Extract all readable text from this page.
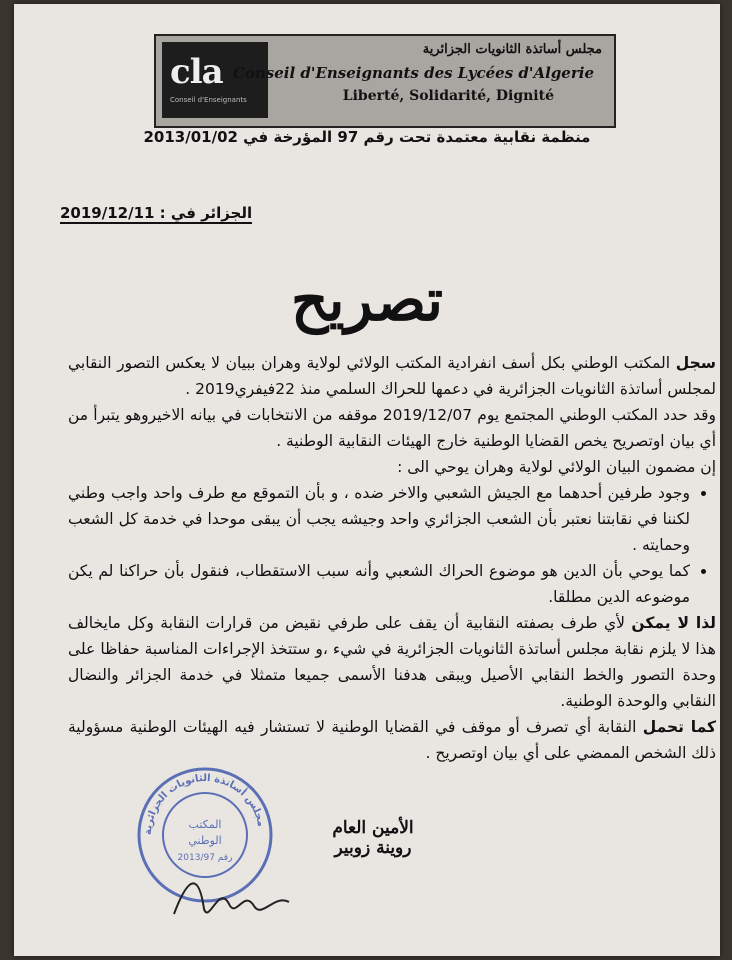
cla
Conseil d'Enseignants
مجلس أساتذة الثانويات الجزائرية
Conseil d'Enseignants des Lycées d'Algerie
Liberté, Solidarité, Dignité
منظمة نقابية معتمدة تحت رقم 97 المؤرخة في 2013/01/02
الجزائر في : 2019/12/11
تصريح

سجل المكتب الوطني بكل أسف انفرادية المكتب الولائي لولاية وهران ببيان لا يعكس التصور النقابي لمجلس أساتذة الثانويات الجزائرية في دعمها للحراك السلمي منذ 22فيفري2019 .

وقد حدد المكتب الوطني المجتمع يوم 2019/12/07 موقفه من الانتخابات في بيانه الاخيروهو يتبرأ من أي بيان اوتصريح يخص القضايا الوطنية خارج الهيئات النقابية الوطنية .

إن مضمون البيان الولائي لولاية وهران يوحي الى :

• وجود طرفين أحدهما مع الجيش الشعبي والاخر ضده ، و بأن التموقع مع طرف واحد واجب وطني لكننا في نقابتنا نعتبر بأن الشعب الجزائري واحد وجيشه يجب أن يبقى موحدا في خدمة كل الشعب وحمايته .
• كما يوحي بأن الدين هو موضوع الحراك الشعبي وأنه سبب الاستقطاب، فنقول بأن حراكنا لم يكن موضوعه الدين مطلقا.

لذا لا يمكن لأي طرف بصفته النقابية أن يقف على طرفي نقيض من قرارات النقابة وكل مايخالف هذا لا يلزم نقابة مجلس أساتذة الثانويات الجزائرية في شيء ،و ستتخذ الإجراءات المناسبة حفاظا على وحدة التصور والخط النقابي الأصيل ويبقى هدفنا الأسمى جميعا متمثلا في خدمة الجزائر والنضال النقابي والوحدة الوطنية.

كما تحمل النقابة أي تصرف أو موقف في القضايا الوطنية لا تستشار فيه الهيئات الوطنية مسؤولية ذلك الشخص الممضي على أي بيان اوتصريح .

مجلس أساتذة الثانويات الجزائرية
المكتب
الوطني
2013/97 رقم
الأمين العام
روينة زوبير
